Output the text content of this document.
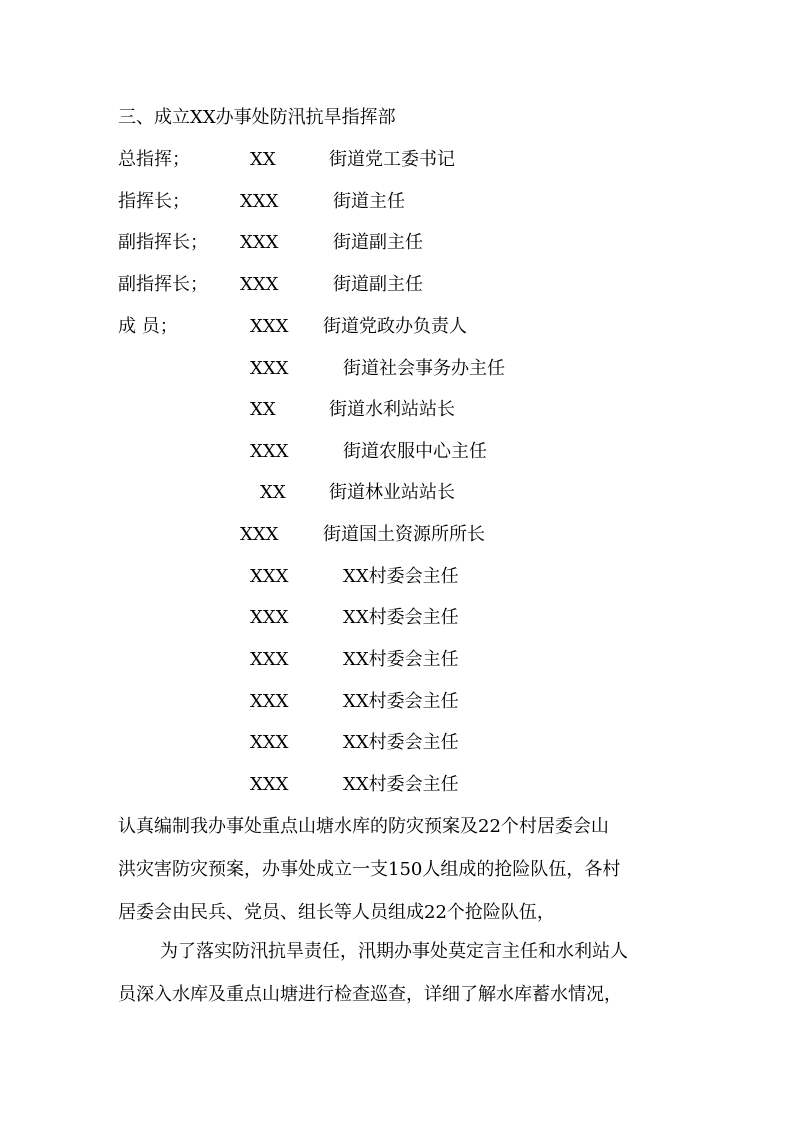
三、成立XX办事处防汛抗旱指挥部
总指挥；	XX	街道党工委书记
指挥长；	XXX	街道主任
副指挥长； XXX	街道副主任
副指挥长； XXX	街道副主任
成 员；	XXX 街道党政办负责人
XXX	街道社会事务办主任
XX	街道水利站站长
XXX	街道农服中心主任
XX 街道林业站站长
XXX 街道国土资源所所长
XXX	XX村委会主任
XXX	XX村委会主任
XXX	XX村委会主任
XXX	XX村委会主任
XXX	XX村委会主任
XXX	XX村委会主任
认真编制我办事处重点山塘水库的防灾预案及22个村居委会山
洪灾害防灾预案，办事处成立一支150人组成的抢险队伍，各村
居委会由民兵、党员、组长等人员组成22个抢险队伍，
为了落实防汛抗旱责任，汛期办事处莫定言主任和水利站人
员深入水库及重点山塘进行检查巡查，详细了解水库蓄水情况，
